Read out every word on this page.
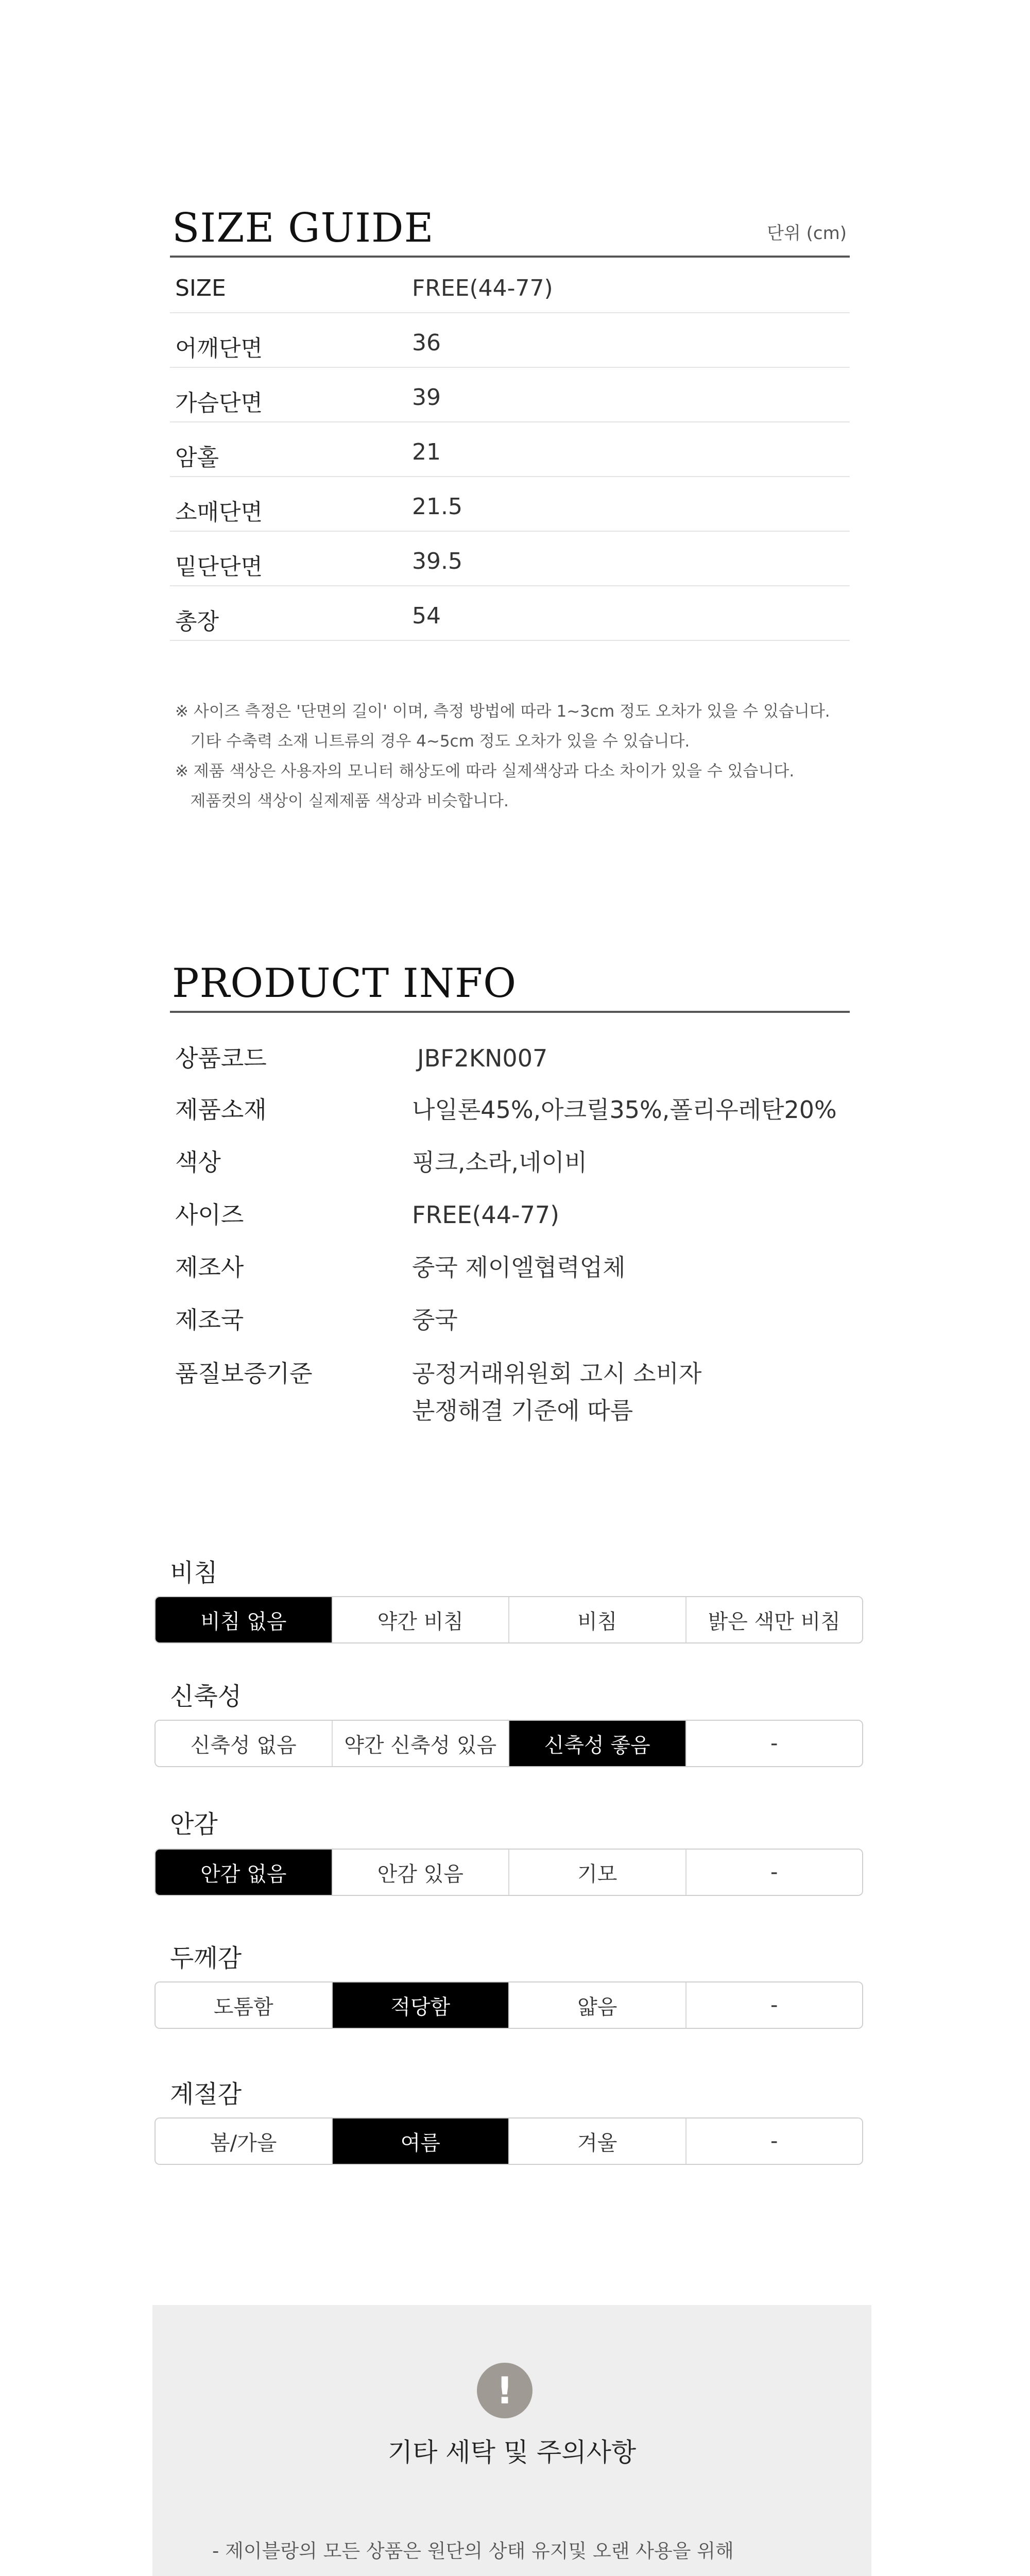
SIZE GUIDE	단위 (cm)
SIZE	FREE(44-77)
어깨단면	36
가슴단면	39
암홀	21
소매단면	21.5
밑단단면	39.5
총장	54
※ 사이즈 측정은 '단면의 길이' 이며, 측정 방법에 따라 1~3cm 정도 오차가 있을 수 있습니다.
기타 수축력 소재 니트류의 경우 4~5cm 정도 오차가 있을 수 있습니다.
※ 제품 색상은 사용자의 모니터 해상도에 따라 실제색상과 다소 차이가 있을 수 있습니다.
제품컷의 색상이 실제제품 색상과 비슷합니다.
PRODUCT INFO
상품코드	JBF2KN007
제품소재	나일론45%,아크릴35%,폴리우레탄20%
색상	핑크,소라,네이비
사이즈	FREE(44-77)
제조사	중국 제이엘협력업체
제조국	중국
품질보증기준	공정거래위원회 고시 소비자
분쟁해결 기준에 따름
비침
비침 없음	약간 비침	비침	밝은 색만 비침
신축성
신축성 없음	약간 신축성 있음	신축성 좋음	-
안감
안감 없음	안감 있음	기모	-
두께감
도톰함	적당함	얇음	-
계절감
봄/가을	여름	겨울	-
!
기타 세탁 및 주의사항
- 제이블랑의 모든 상품은 원단의 상태 유지및 오랜 사용을 위해
